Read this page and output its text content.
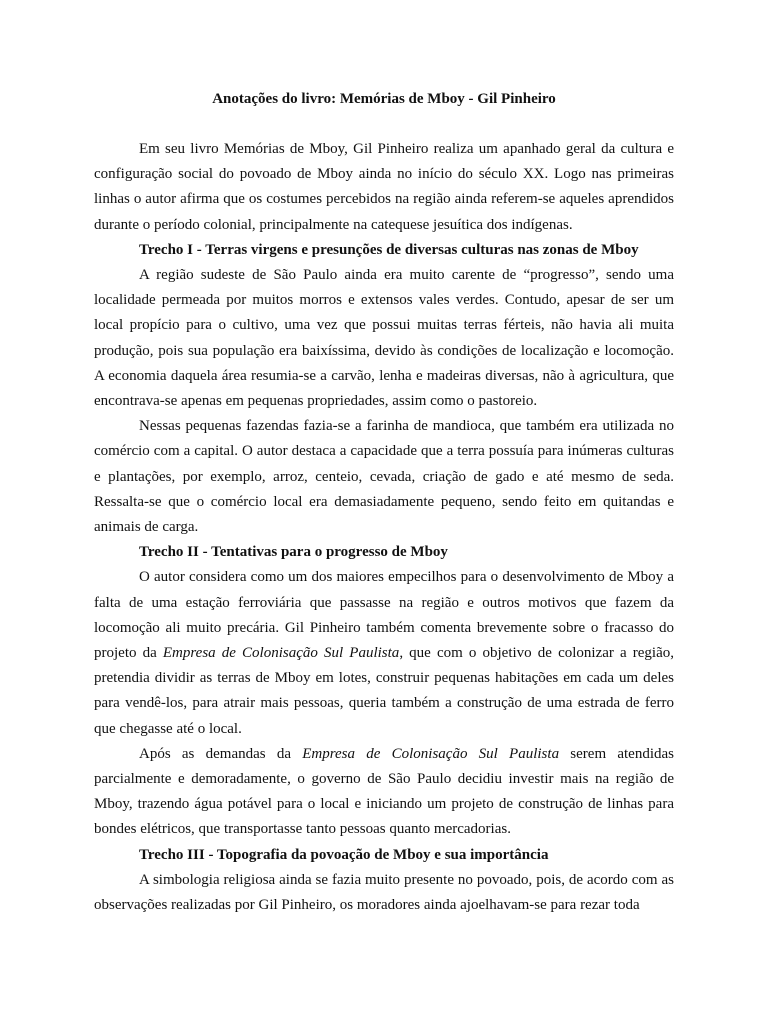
Anotações do livro: Memórias de Mboy - Gil Pinheiro

Em seu livro Memórias de Mboy, Gil Pinheiro realiza um apanhado geral da cultura e configuração social do povoado de Mboy ainda no início do século XX. Logo nas primeiras linhas o autor afirma que os costumes percebidos na região ainda referem-se aqueles aprendidos durante o período colonial, principalmente na catequese jesuítica dos indígenas.

Trecho I - Terras virgens e presunções de diversas culturas nas zonas de Mboy

A região sudeste de São Paulo ainda era muito carente de “progresso”, sendo uma localidade permeada por muitos morros e extensos vales verdes. Contudo, apesar de ser um local propício para o cultivo, uma vez que possui muitas terras férteis, não havia ali muita produção, pois sua população era baixíssima, devido às condições de localização e locomoção. A economia daquela área resumia-se a carvão, lenha e madeiras diversas, não à agricultura, que encontrava-se apenas em pequenas propriedades, assim como o pastoreio.

Nessas pequenas fazendas fazia-se a farinha de mandioca, que também era utilizada no comércio com a capital. O autor destaca a capacidade que a terra possuía para inúmeras culturas e plantações, por exemplo, arroz, centeio, cevada, criação de gado e até mesmo de seda. Ressalta-se que o comércio local era demasiadamente pequeno, sendo feito em quitandas e animais de carga.

Trecho II - Tentativas para o progresso de Mboy

O autor considera como um dos maiores empecilhos para o desenvolvimento de Mboy a falta de uma estação ferroviária que passasse na região e outros motivos que fazem da locomoção ali muito precária. Gil Pinheiro também comenta brevemente sobre o fracasso do projeto da Empresa de Colonisação Sul Paulista, que com o objetivo de colonizar a região, pretendia dividir as terras de Mboy em lotes, construir pequenas habitações em cada um deles para vendê-los, para atrair mais pessoas, queria também a construção de uma estrada de ferro que chegasse até o local.

Após as demandas da Empresa de Colonisação Sul Paulista serem atendidas parcialmente e demoradamente, o governo de São Paulo decidiu investir mais na região de Mboy, trazendo água potável para o local e iniciando um projeto de construção de linhas para bondes elétricos, que transportasse tanto pessoas quanto mercadorias.

Trecho III - Topografia da povoação de Mboy e sua importância

A simbologia religiosa ainda se fazia muito presente no povoado, pois, de acordo com as observações realizadas por Gil Pinheiro, os moradores ainda ajoelhavam-se para rezar toda
